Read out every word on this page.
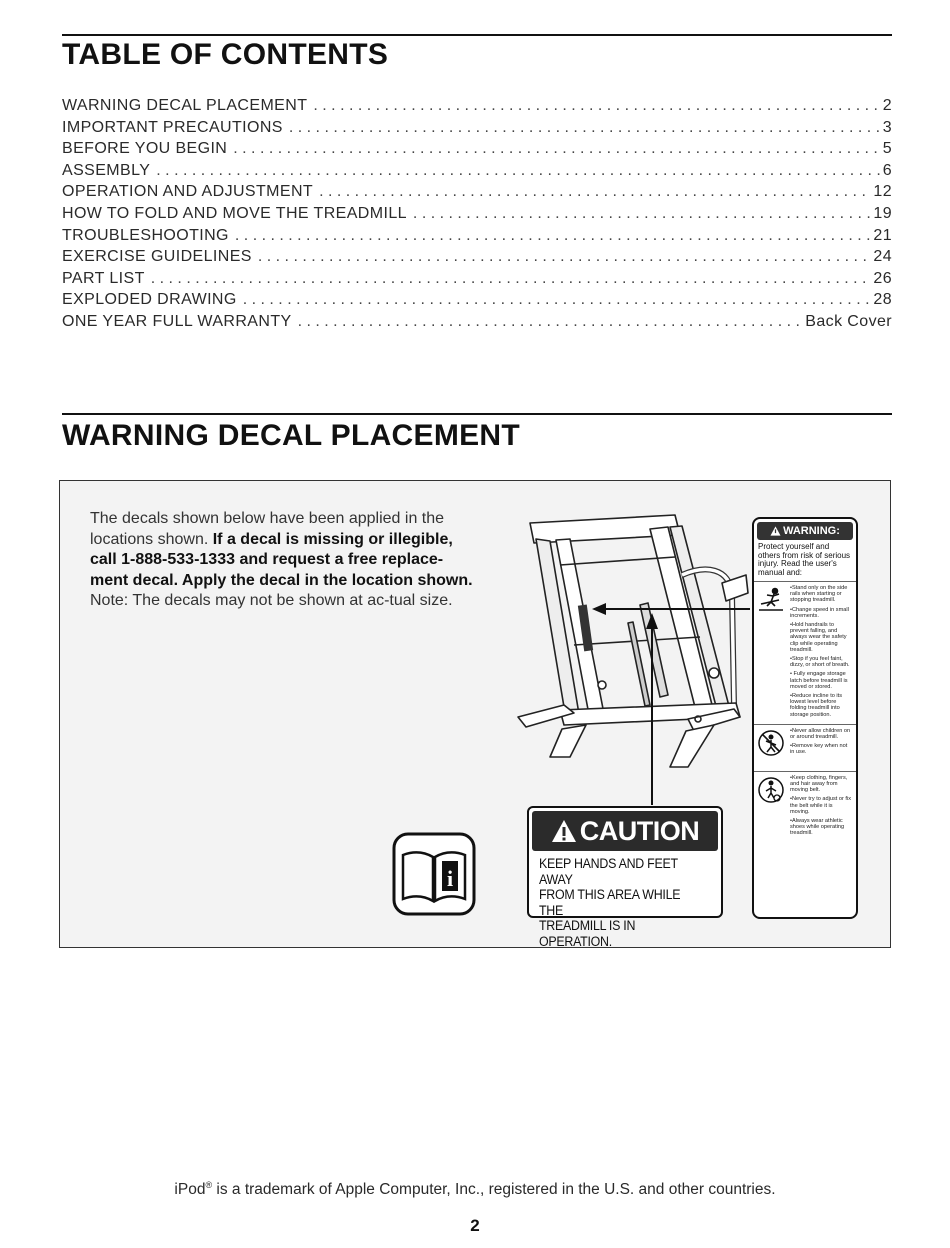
TABLE OF CONTENTS
WARNING DECAL PLACEMENT . . .	2
IMPORTANT PRECAUTIONS . . .	3
BEFORE YOU BEGIN . . .	5
ASSEMBLY . . .	6
OPERATION AND ADJUSTMENT . . .	12
HOW TO FOLD AND MOVE THE TREADMILL . . .	19
TROUBLESHOOTING . . .	21
EXERCISE GUIDELINES . . .	24
PART LIST . . .	26
EXPLODED DRAWING . . .	28
ONE YEAR FULL WARRANTY . . .	Back Cover
WARNING DECAL PLACEMENT

The decals shown below have been applied in the locations shown. If a decal is missing or illegible, call 1-888-533-1333 and request a free replace-ment decal. Apply the decal in the location shown. Note: The decals may not be shown at ac-tual size.

i
CAUTION
KEEP HANDS AND FEET AWAY
FROM THIS AREA WHILE THE
TREADMILL IS IN OPERATION.
WARNING:
Protect yourself and others from risk of serious injury. Read the user's manual and:

•Stand only on the side rails when starting or stopping treadmill.

•Change speed in small increments.

•Hold handrails to prevent falling, and always wear the safety clip while operating treadmill.

•Stop if you feel faint, dizzy, or short of breath.

• Fully engage storage latch before treadmill is moved or stored.

•Reduce incline to its lowest level before folding treadmill into storage position.

•Never allow children on or around treadmill.

•Remove key when not in use.

•Keep clothing, fingers, and hair away from moving belt.

•Never try to adjust or fix the belt while it is moving.

•Always wear athletic shoes while operating treadmill.

iPod® is a trademark of Apple Computer, Inc., registered in the U.S. and other countries.

2
